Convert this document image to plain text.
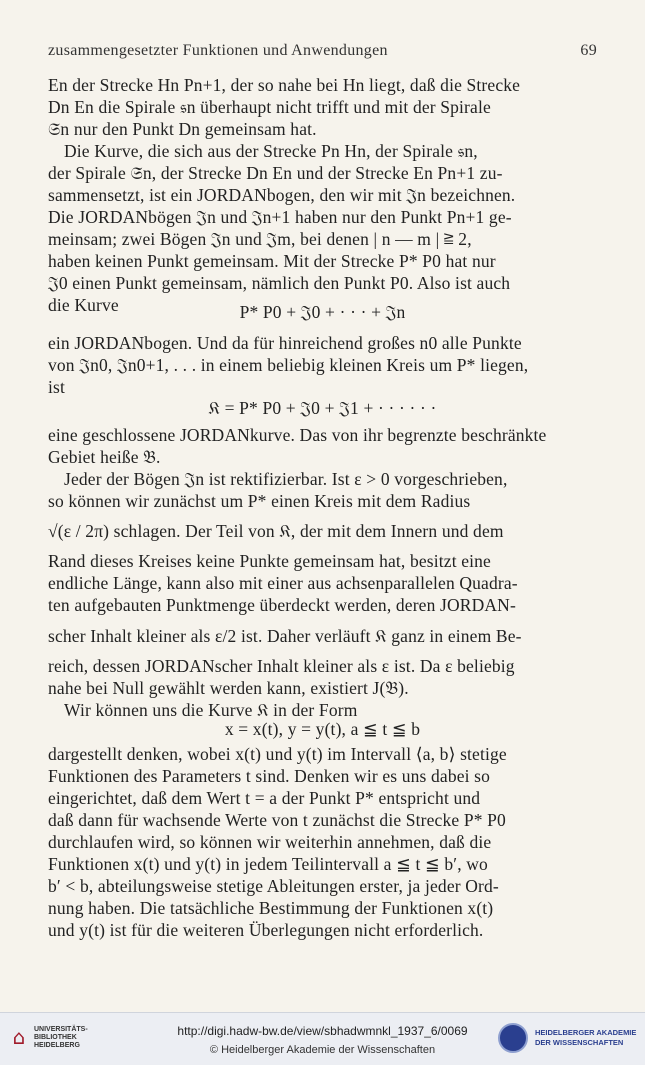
zusammengesetzter Funktionen und Anwendungen	69
En der Strecke Hn Pn+1, der so nahe bei Hn liegt, daß die Strecke
Dn En die Spirale 𝔰n überhaupt nicht trifft und mit der Spirale
𝔖n nur den Punkt Dn gemeinsam hat.
Die Kurve, die sich aus der Strecke Pn Hn, der Spirale 𝔰n,
der Spirale 𝔖n, der Strecke Dn En und der Strecke En Pn+1 zu-
sammensetzt, ist ein JORDANbogen, den wir mit 𝔍n bezeichnen.
Die JORDANbögen 𝔍n und 𝔍n+1 haben nur den Punkt Pn+1 ge-
meinsam; zwei Bögen 𝔍n und 𝔍m, bei denen | n — m | ≧ 2,
haben keinen Punkt gemeinsam. Mit der Strecke P* P0 hat nur
𝔍0 einen Punkt gemeinsam, nämlich den Punkt P0. Also ist auch
die Kurve	P* P0 + 𝔍0 + · · · + 𝔍n
ein JORDANbogen. Und da für hinreichend großes n0 alle Punkte
von 𝔍n0, 𝔍n0+1, . . . in einem beliebig kleinen Kreis um P* liegen,
ist
𝔎 = P* P0 + 𝔍0 + 𝔍1 + · · · · · ·
eine geschlossene JORDANkurve. Das von ihr begrenzte beschränkte
Gebiet heiße 𝔅.
Jeder der Bögen 𝔍n ist rektifizierbar. Ist ε > 0 vorgeschrieben,
so können wir zunächst um P* einen Kreis mit dem Radius
√(ε / 2π) schlagen. Der Teil von 𝔎, der mit dem Innern und dem
Rand dieses Kreises keine Punkte gemeinsam hat, besitzt eine
endliche Länge, kann also mit einer aus achsenparallelen Quadra-
ten aufgebauten Punktmenge überdeckt werden, deren JORDAN-
scher Inhalt kleiner als ε/2 ist. Daher verläuft 𝔎 ganz in einem Be-
reich, dessen JORDANscher Inhalt kleiner als ε ist. Da ε beliebig
nahe bei Null gewählt werden kann, existiert J(𝔅).
Wir können uns die Kurve 𝔎 in der Form
x = x(t), y = y(t), a ≦ t ≦ b
dargestellt denken, wobei x(t) und y(t) im Intervall ⟨a, b⟩ stetige
Funktionen des Parameters t sind. Denken wir es uns dabei so
eingerichtet, daß dem Wert t = a der Punkt P* entspricht und
daß dann für wachsende Werte von t zunächst die Strecke P* P0
durchlaufen wird, so können wir weiterhin annehmen, daß die
Funktionen x(t) und y(t) in jedem Teilintervall a ≦ t ≦ b′, wo
b′ < b, abteilungsweise stetige Ableitungen erster, ja jeder Ord-
nung haben. Die tatsächliche Bestimmung der Funktionen x(t)
und y(t) ist für die weiteren Überlegungen nicht erforderlich.
⌂	UNIVERSITÄTS-
BIBLIOTHEK
HEIDELBERG
http://digi.hadw-bw.de/view/sbhadwmnkl_1937_6/0069
© Heidelberger Akademie der Wissenschaften
HEIDELBERGER AKADEMIE
DER WISSENSCHAFTEN
